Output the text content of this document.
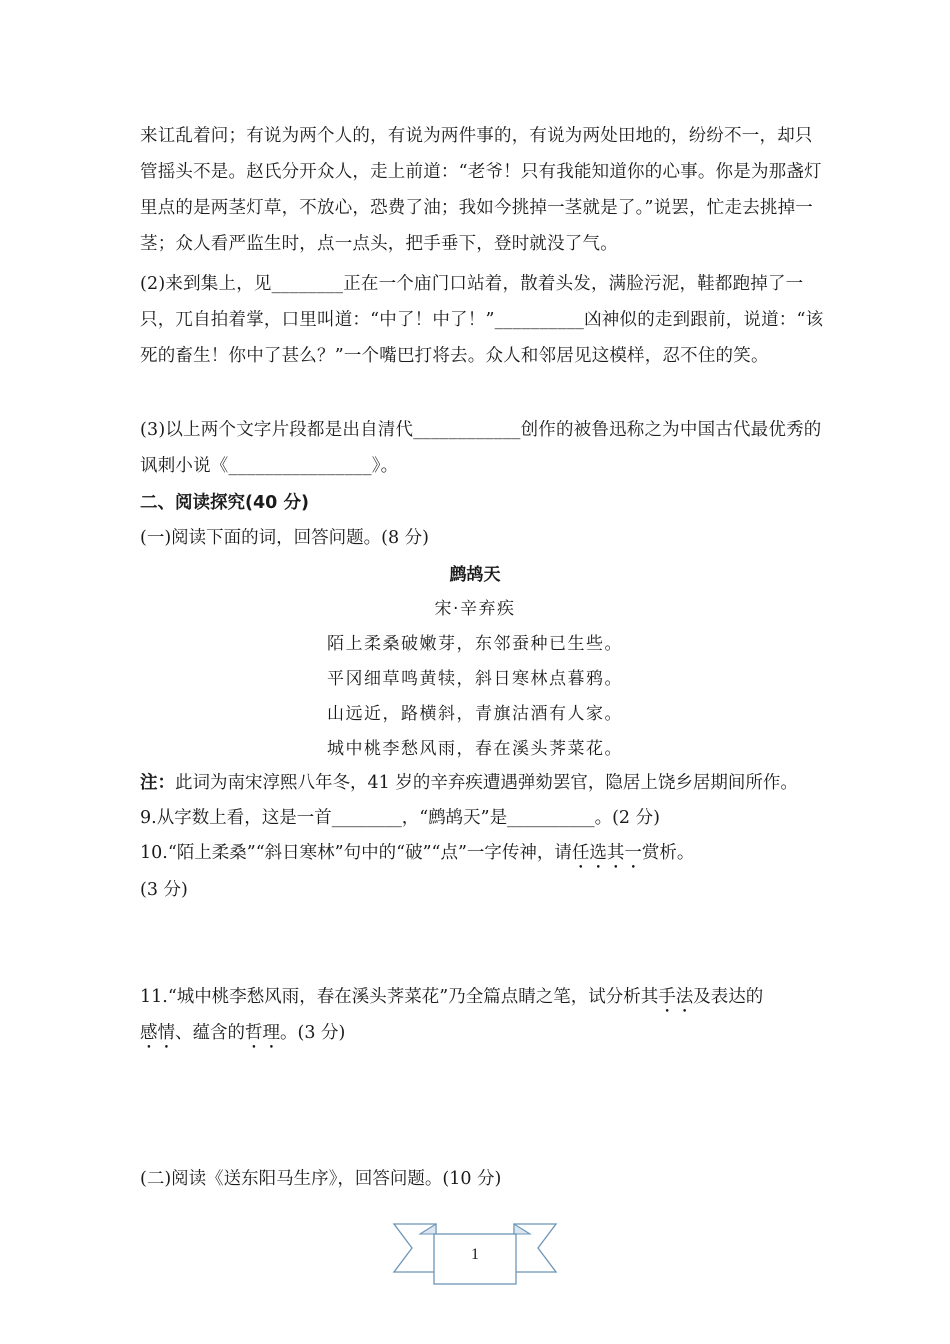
来讧乱着问；有说为两个人的，有说为两件事的，有说为两处田地的，纷纷不一，却只管摇头不是。赵氏分开众人，走上前道：“老爷！只有我能知道你的心事。你是为那盏灯里点的是两茎灯草，不放心，恐费了油；我如今挑掉一茎就是了。”说罢，忙走去挑掉一茎；众人看严监生时，点一点头，把手垂下，登时就没了气。
(2)来到集上，见________正在一个庙门口站着，散着头发，满脸污泥，鞋都跑掉了一只，兀自拍着掌，口里叫道：“中了！中了！”__________凶神似的走到跟前，说道：“该死的畜生！你中了甚么？”一个嘴巴打将去。众人和邻居见这模样，忍不住的笑。
(3)以上两个文字片段都是出自清代____________创作的被鲁迅称之为中国古代最优秀的讽刺小说《________________》。
二、阅读探究(40 分)
(一)阅读下面的词，回答问题。(8 分)
鹧鸪天
宋·辛弃疾
陌上柔桑破嫩芽，东邻蚕种已生些。
平冈细草鸣黄犊，斜日寒林点暮鸦。
山远近，路横斜，青旗沽酒有人家。
城中桃李愁风雨，春在溪头荠菜花。
注：此词为南宋淳熙八年冬，41 岁的辛弃疾遭遇弹劾罢官，隐居上饶乡居期间所作。
9.从字数上看，这是一首________，“鹧鸪天”是__________。(2 分)
10.“陌上柔桑”“斜日寒林”句中的“破”“点”一字传神，请任选其一赏析。
(3 分)
11.“城中桃李愁风雨，春在溪头荠菜花”乃全篇点睛之笔，试分析其手法及表达的
感情、蕴含的哲理。(3 分)
(二)阅读《送东阳马生序》，回答问题。(10 分)
1
